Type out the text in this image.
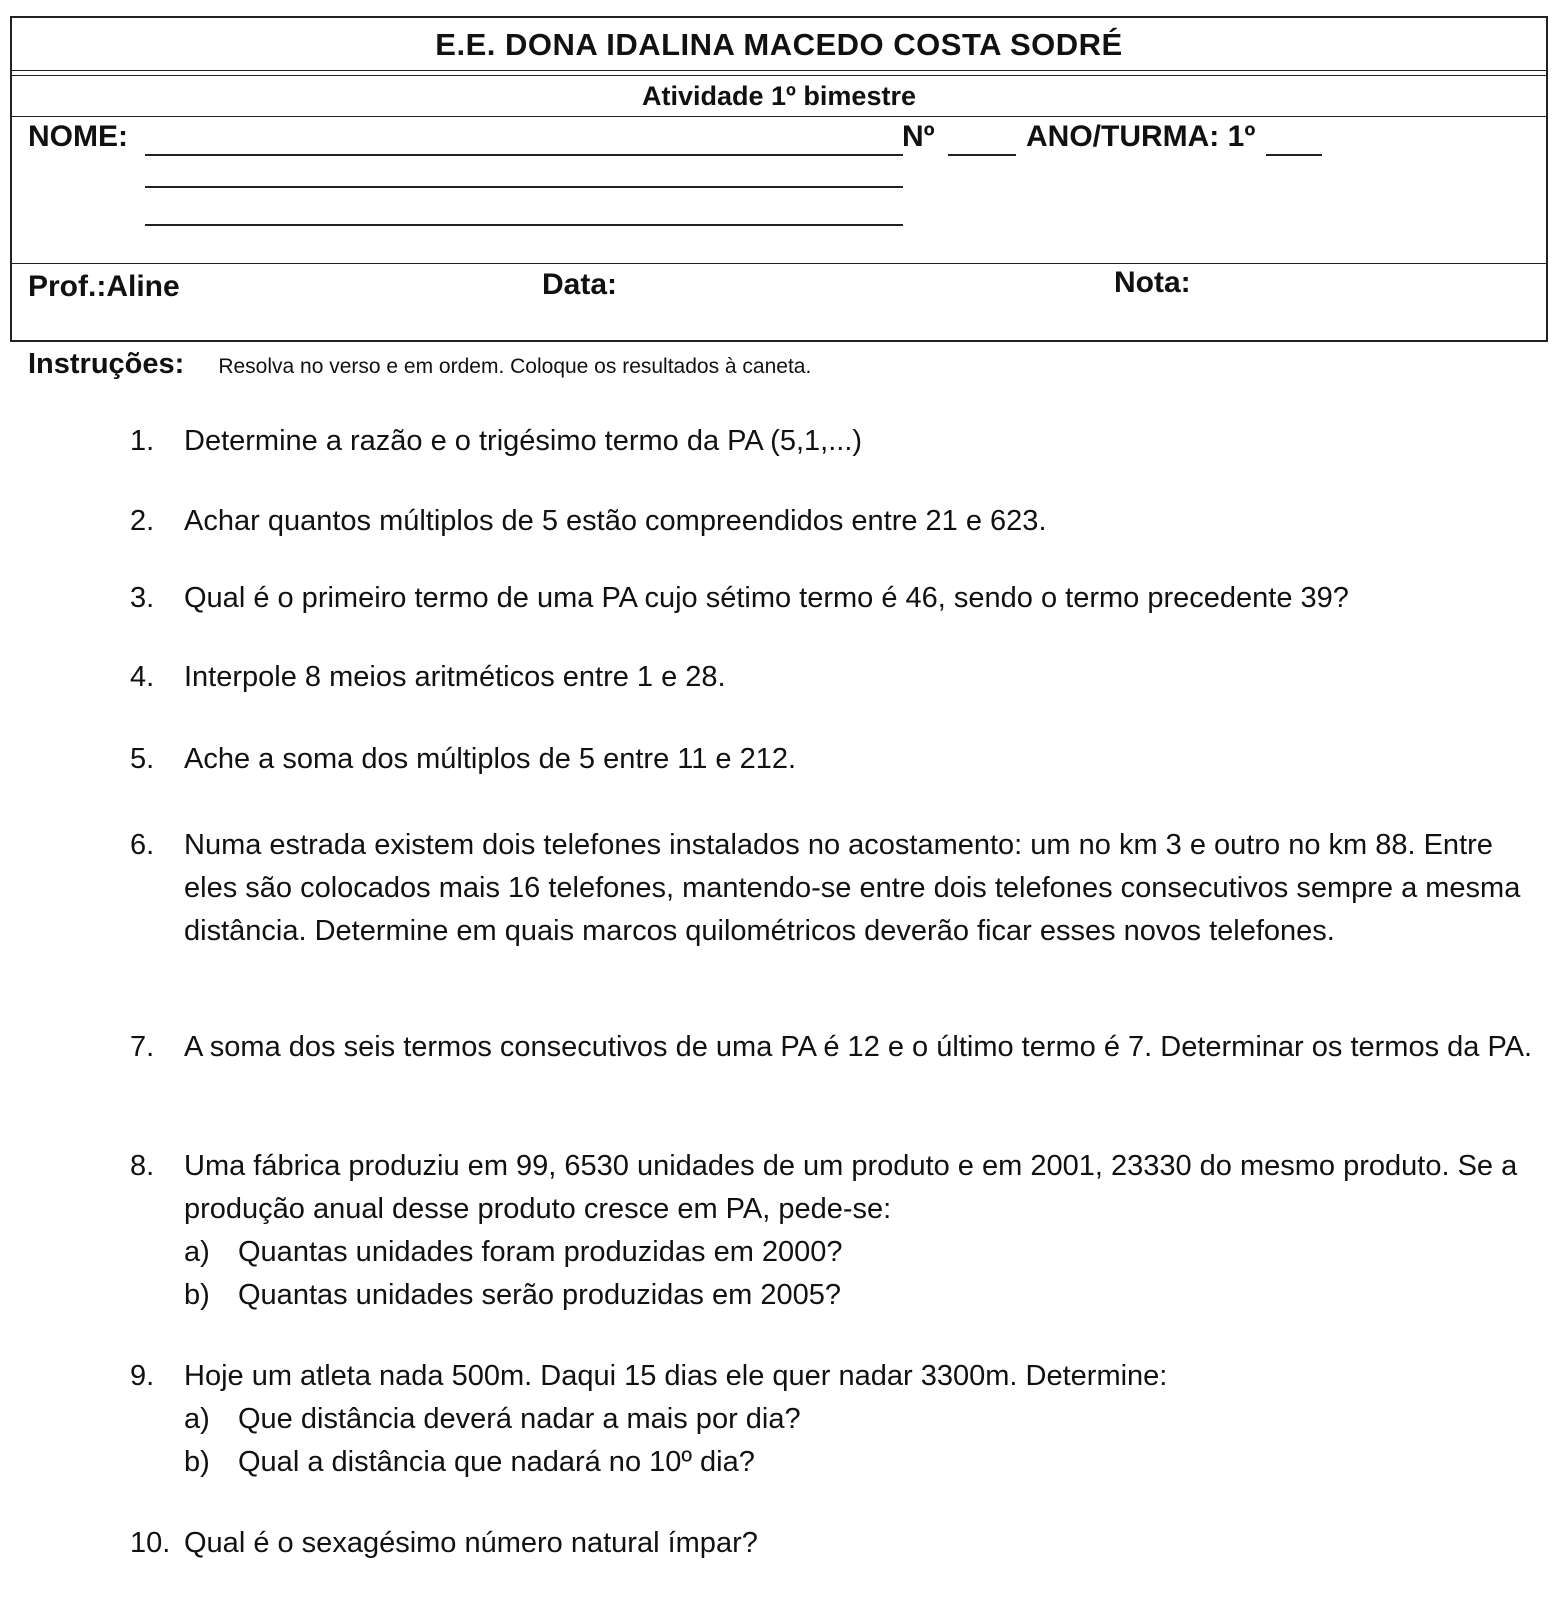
E.E. DONA IDALINA MACEDO COSTA SODRÉ
Atividade 1º bimestre
NOME:	Nº	ANO/TURMA: 1º
Prof.:Aline	Data:	Nota:
Instruções: Resolva no verso e em ordem. Coloque os resultados à caneta.
1.	Determine a razão e o trigésimo termo da PA (5,1,...)
2.	Achar quantos múltiplos de 5 estão compreendidos entre 21 e 623.
3.	Qual é o primeiro termo de uma PA cujo sétimo termo é 46, sendo o termo precedente 39?
4.	Interpole 8 meios aritméticos entre 1 e 28.
5.	Ache a soma dos múltiplos de 5 entre 11 e 212.
6.	Numa estrada existem dois telefones instalados no acostamento: um no km 3 e outro no km 88. Entre eles são colocados mais 16 telefones, mantendo-se entre dois telefones consecutivos sempre a mesma distância. Determine em quais marcos quilométricos deverão ficar esses novos telefones.
7.	A soma dos seis termos consecutivos de uma PA é 12 e o último termo é 7. Determinar os termos da PA.
8.	Uma fábrica produziu em 99, 6530 unidades de um produto e em 2001, 23330 do mesmo produto. Se a produção anual desse produto cresce em PA, pede-se:
a) Quantas unidades foram produzidas em 2000?
b) Quantas unidades serão produzidas em 2005?
9.	Hoje um atleta nada 500m. Daqui 15 dias ele quer nadar 3300m. Determine:
a) Que distância deverá nadar a mais por dia?
b) Qual a distância que nadará no 10º dia?
10. Qual é o sexagésimo número natural ímpar?
